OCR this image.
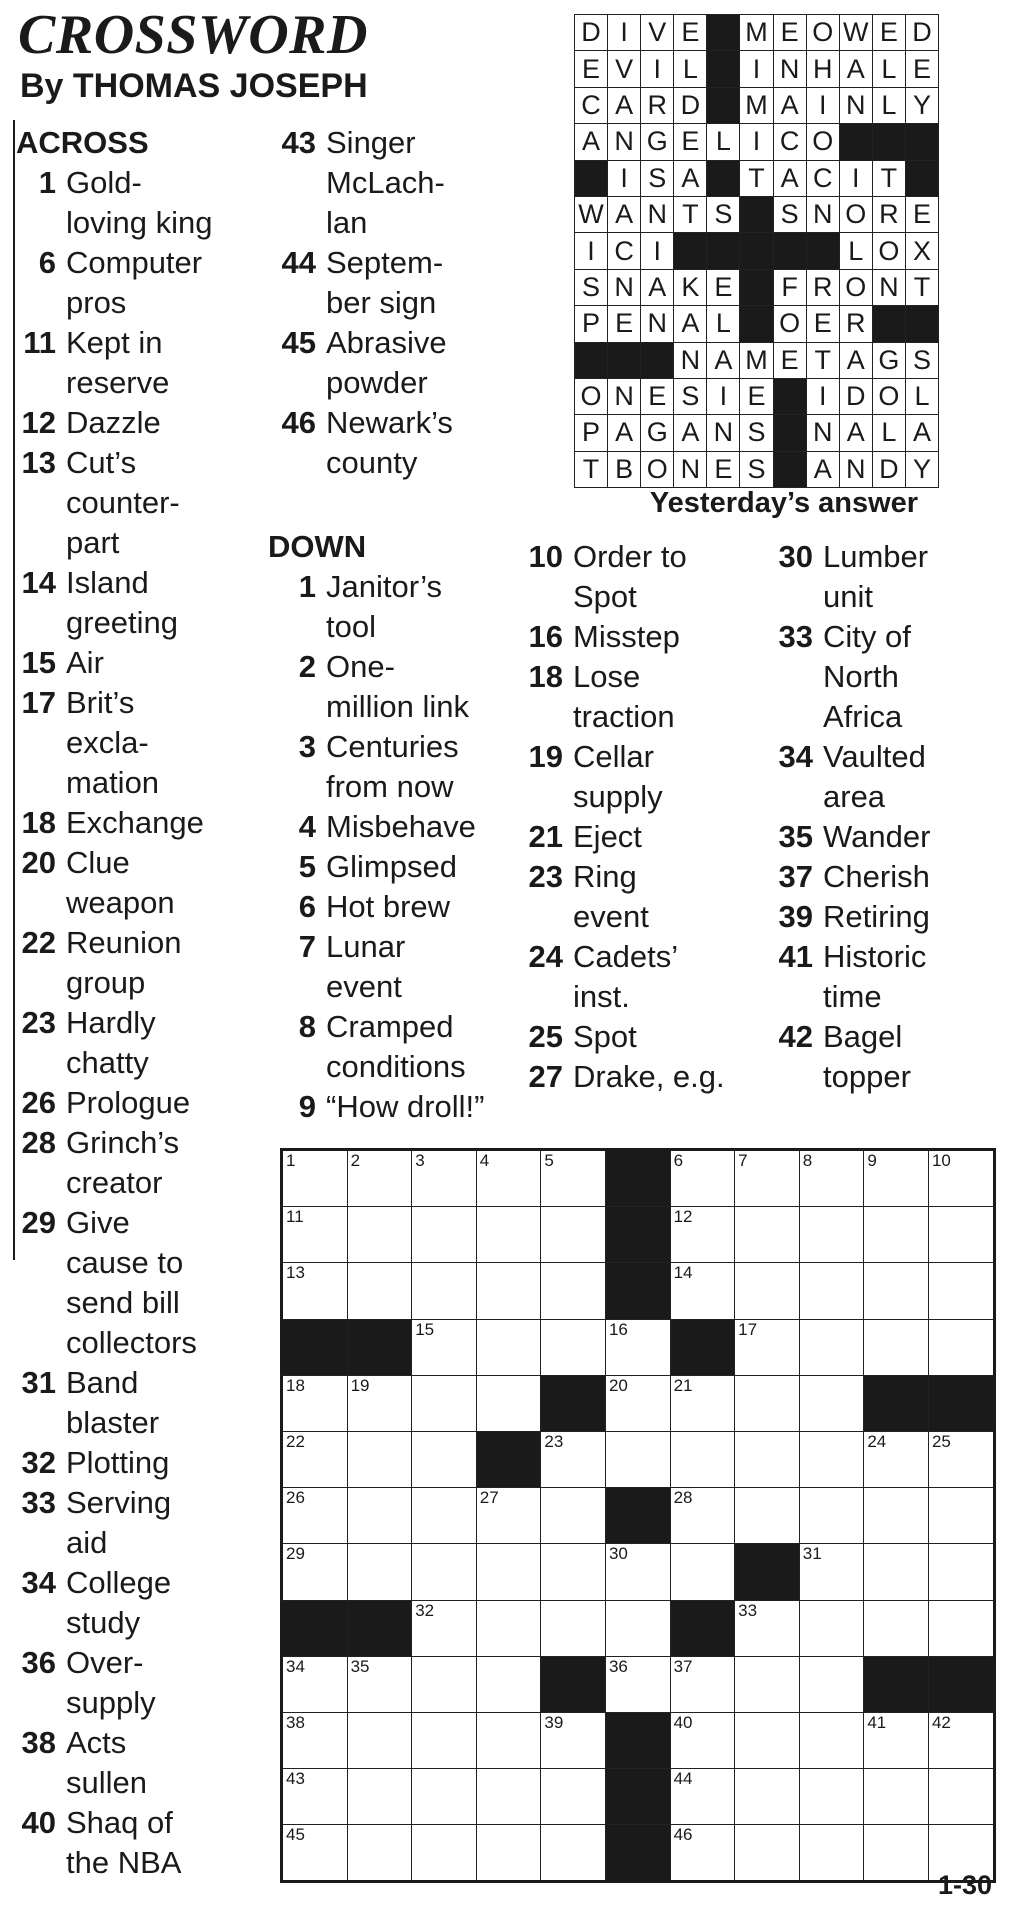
CROSSWORD
By THOMAS JOSEPH
D	I	V	E		M	E	O	W	E	D
E	V	I	L		I	N	H	A	L	E
C	A	R	D		M	A	I	N	L	Y
A	N	G	E	L	I	C	O			
	I	S	A		T	A	C	I	T	
W	A	N	T	S		S	N	O	R	E
I	C	I						L	O	X
S	N	A	K	E		F	R	O	N	T
P	E	N	A	L		O	E	R		
			N	A	M	E	T	A	G	S
O	N	E	S	I	E		I	D	O	L
P	A	G	A	N	S		N	A	L	A
T	B	O	N	E	S		A	N	D	Y
Yesterday’s answer
ACROSS
1 Gold-
loving king
6 Computer
pros
11 Kept in
reserve
12 Dazzle
13 Cut’s
counter-
part
14 Island
greeting
15 Air
17 Brit’s
excla-
mation
18 Exchange
20 Clue
weapon
22 Reunion
group
23 Hardly
chatty
26 Prologue
28 Grinch’s
creator
29 Give
cause to
send bill
collectors
31 Band
blaster
32 Plotting
33 Serving
aid
34 College
study
36 Over-
supply
38 Acts
sullen
40 Shaq of
the NBA
43 Singer
McLach-
lan
44 Septem-
ber sign
45 Abrasive
powder
46 Newark’s
county
DOWN
1 Janitor’s
tool
2 One-
million link
3 Centuries
from now
4 Misbehave
5 Glimpsed
6 Hot brew
7 Lunar
event
8 Cramped
conditions
9 “How droll!”
10 Order to
Spot
16 Misstep
18 Lose
traction
19 Cellar
supply
21 Eject
23 Ring
event
24 Cadets’
inst.
25 Spot
27 Drake, e.g.
30 Lumber
unit
33 City of
North
Africa
34 Vaulted
area
35 Wander
37 Cherish
39 Retiring
41 Historic
time
42 Bagel
topper
1	2	3	4	5		6	7	8	9	10

11						12				

13						14				

		15			16		17			

18	19				20	21				

22				23					24	25

26			27			28				

29					30			31		

		32					33			

34	35				36	37				

38				39		40			41	42

43						44				

45						46				

1-30
